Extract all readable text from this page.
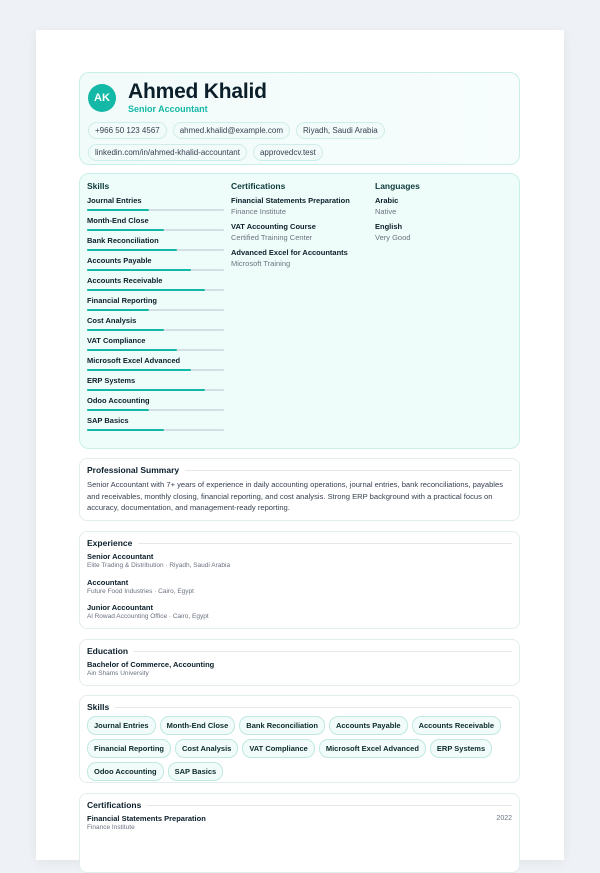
AK Ahmed Khalid
Senior Accountant
+966 50 123 4567	ahmed.khalid@example.com	Riyadh, Saudi Arabia
linkedin.com/in/ahmed-khalid-accountant	approvedcv.test
Skills
Journal Entries
Month-End Close
Bank Reconciliation
Accounts Payable
Accounts Receivable
Financial Reporting
Cost Analysis
VAT Compliance
Microsoft Excel Advanced
ERP Systems
Odoo Accounting
SAP Basics
Certifications
Financial Statements Preparation
Finance Institute
VAT Accounting Course
Certified Training Center
Advanced Excel for Accountants
Microsoft Training
Languages
Arabic
Native
English
Very Good
Professional Summary
Senior Accountant with 7+ years of experience in daily accounting operations, journal entries, bank reconciliations, payables and receivables, monthly closing, financial reporting, and cost analysis. Strong ERP background with a practical focus on accuracy, documentation, and management-ready reporting.
Experience
Senior Accountant
Elite Trading & Distribution · Riyadh, Saudi Arabia
Accountant
Future Food Industries · Cairo, Egypt
Junior Accountant
Al Rowad Accounting Office · Cairo, Egypt
Education
Bachelor of Commerce, Accounting
Ain Shams University
Skills
Journal Entries	Month-End Close	Bank Reconciliation	Accounts Payable	Accounts Receivable
Financial Reporting	Cost Analysis	VAT Compliance	Microsoft Excel Advanced	ERP Systems
Odoo Accounting	SAP Basics
Certifications
Financial Statements Preparation
Finance Institute
2022
